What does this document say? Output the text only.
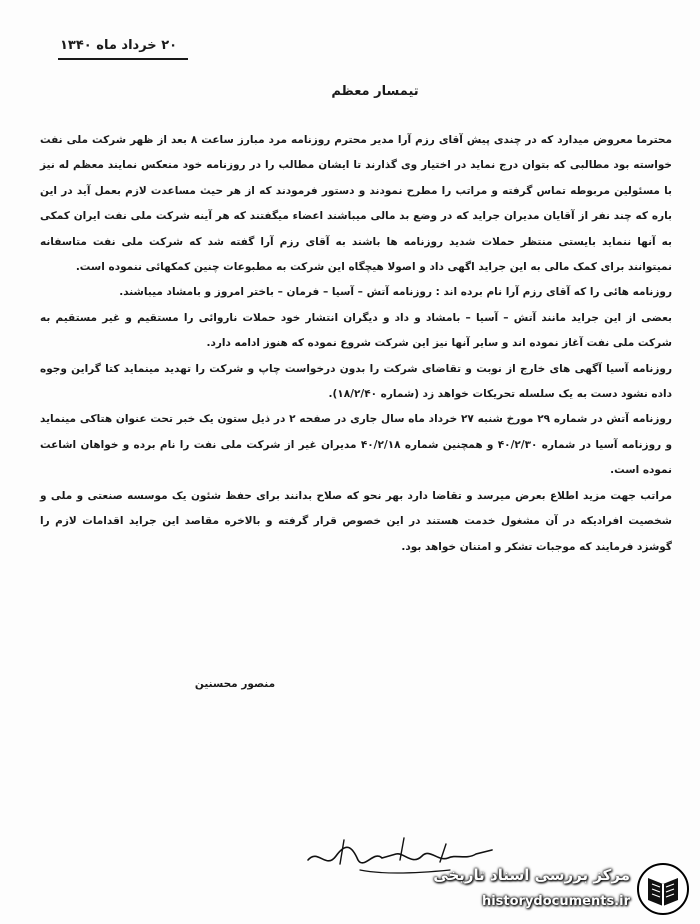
۲۰ خرداد ماه ۱۳۴۰
تیمسار معظم

محترما معروض میدارد که در چندی پیش آقای رزم آرا مدیر محترم روزنامه مرد مبارز ساعت ۸ بعد از ظهر شرکت ملی نفت خواسته بود مطالبی که بتوان درج نماید در اختیار وی گذارند تا ایشان مطالب را در روزنامه خود منعکس نمایند معظم له نیز با مسئولین مربوطه تماس گرفته و مراتب را مطرح نمودند و دستور فرمودند که از هر حیث مساعدت لازم بعمل آید در این باره که چند نفر از آقایان مدیران جراید که در وضع بد مالی میباشند اعضاء میگفتند که هر آینه شرکت ملی نفت ایران کمکی به آنها ننماید بایستی منتظر حملات شدید روزنامه ها باشند به آقای رزم آرا گفته شد که شرکت ملی نفت متاسفانه نمیتوانند برای کمک مالی به این جراید اگهی داد و اصولا هیچگاه این شرکت به مطبوعات چنین کمکهائی ننموده است.

روزنامه هائی را که آقای رزم آرا نام برده اند : روزنامه آتش – آسیا – فرمان – باختر امروز و بامشاد میباشند.

بعضی از این جراید مانند آتش – آسیا – بامشاد و داد و دیگران انتشار خود حملات ناروائی را مستقیم و غیر مستقیم به شرکت ملی نفت آغاز نموده اند و سایر آنها نیز این شرکت شروع نموده که هنوز ادامه دارد.

روزنامه آسیا آگهی های خارج از نوبت و تقاضای شرکت را بدون درخواست چاپ و شرکت را تهدید مینماید کتا گراین وجوه داده نشود دست به یک سلسله تحریکات خواهد زد (شماره ۱۸/۲/۴۰).

روزنامه آتش در شماره ۲۹ مورخ شنبه ۲۷ خرداد ماه سال جاری در صفحه ۲ در ذیل ستون یک خبر تحت عنوان هتاکی مینماید و روزنامه آسیا در شماره ۴۰/۲/۳۰ و همچنین شماره ۴۰/۲/۱۸ مدیران غیر از شرکت ملی نفت را نام برده و خواهان اشاعت نموده است.

مراتب جهت مزید اطلاع بعرض میرسد و تقاضا دارد بهر نحو که صلاح بدانند برای حفظ شئون یک موسسه صنعتی و ملی و شخصیت افرادیکه در آن مشغول خدمت هستند در این خصوص قرار گرفته و بالاخره مقاصد این جراید اقدامات لازم را گوشزد فرمایند که موجبات تشکر و امتنان خواهد بود.

منصور محسنین
مرکز بررسی اسناد تاریخی
historydocuments.ir
